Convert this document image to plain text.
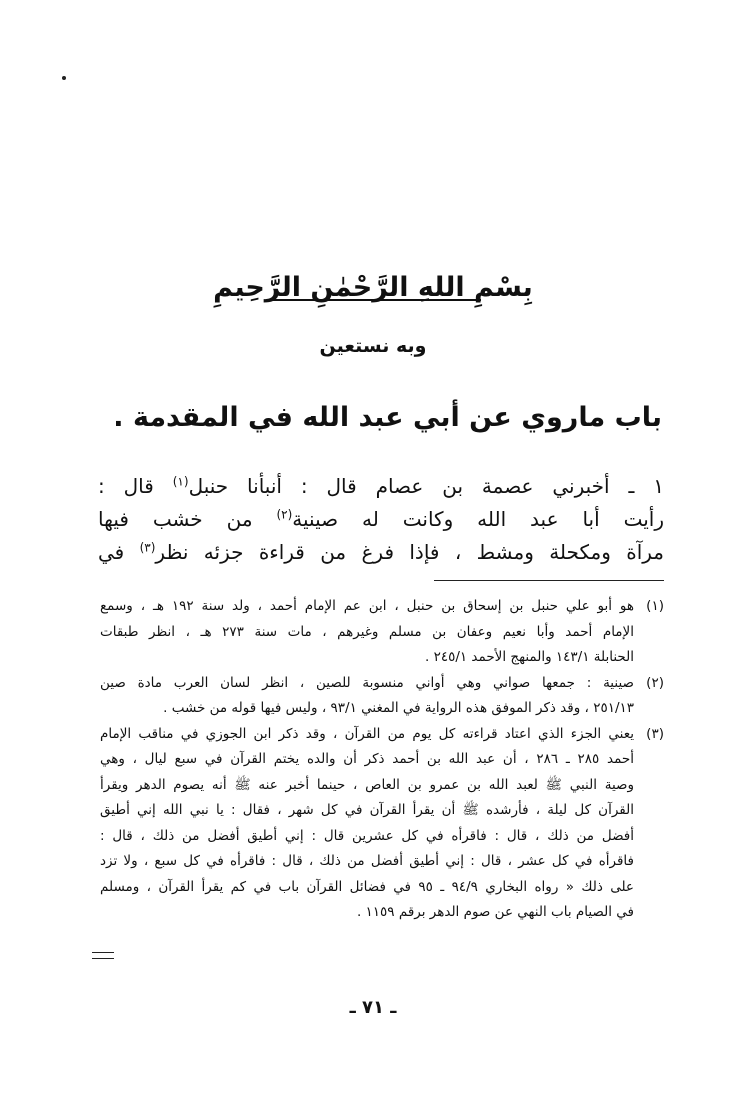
بِسْمِ اللهِ الرَّحْمٰنِ الرَّحِيمِ
وبه نستعين
باب ماروي عن أبي عبد الله في المقدمة .

١ ـ أخبرني عصمة بن عصام قال : أنبأنا حنبل$^{(١)}$ قال :

رأيت أبا عبد الله وكانت له صينية$^{(٢)}$ من خشب فيها

مرآة ومكحلة ومشط ، فإذا فرغ من قراءة جزئه نظر$^{(٣)}$ في

(١)
هو أبو علي حنبل بن إسحاق بن حنبل ، ابن عم الإمام أحمد ، ولد سنة ١٩٢ هـ ، وسمع
الإمام أحمد وأبا نعيم وعفان بن مسلم وغيرهم ، مات سنة ٢٧٣ هـ ، انظر طبقات
الحنابلة ١٤٣/١ والمنهج الأحمد ٢٤٥/١ .
(٢)
صينية : جمعها صواني وهي أواني منسوبة للصين ، انظر لسان العرب مادة صين
٢٥١/١٣ ، وقد ذكر الموفق هذه الرواية في المغني ٩٣/١ ، وليس فيها قوله من خشب .
(٣)
يعني الجزء الذي اعتاد قراءته كل يوم من القرآن ، وقد ذكر ابن الجوزي في مناقب الإمام
أحمد ٢٨٥ ـ ٢٨٦ ، أن عبد الله بن أحمد ذكر أن والده يختم القرآن في سبع ليال ، وهي
وصية النبي ﷺ لعبد الله بن عمرو بن العاص ، حينما أخبر عنه ﷺ أنه يصوم الدهر ويقرأ
القرآن كل ليلة ، فأرشده ﷺ أن يقرأ القرآن في كل شهر ، فقال : يا نبي الله إني أطيق
أفضل من ذلك ، قال : فاقرأه في كل عشرين قال : إني أطيق أفضل من ذلك ، قال :
فاقرأه في كل عشر ، قال : إني أطيق أفضل من ذلك ، قال : فاقرأه في كل سبع ، ولا تزد
على ذلك « رواه البخاري ٩٤/٩ ـ ٩٥ في فضائل القرآن باب في كم يقرأ القرآن ، ومسلم
في الصيام باب النهي عن صوم الدهر برقم ١١٥٩ .
ـ ٧١ ـ
